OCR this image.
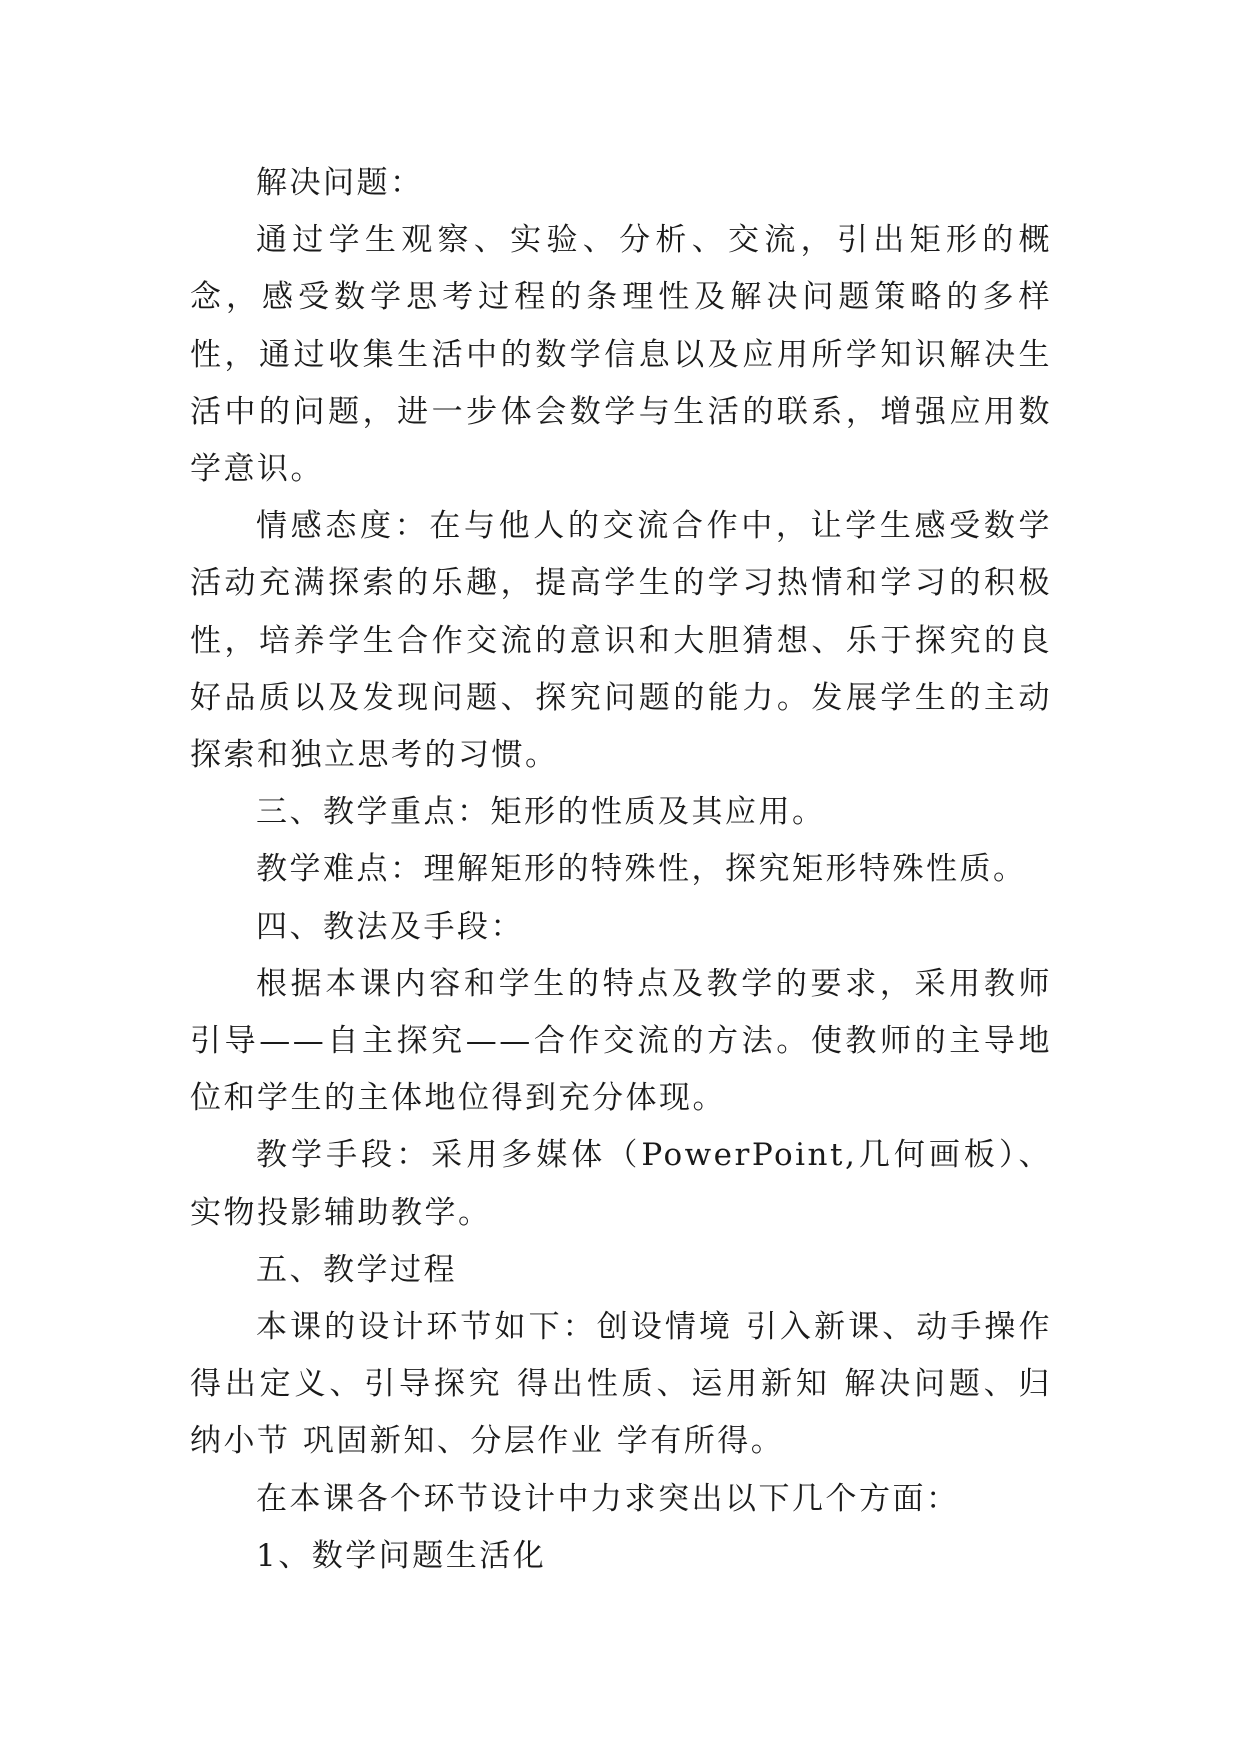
解决问题：

通过学生观察、实验、分析、交流，引出矩形的概念，感受数学思考过程的条理性及解决问题策略的多样性，通过收集生活中的数学信息以及应用所学知识解决生活中的问题，进一步体会数学与生活的联系，增强应用数学意识。

情感态度：在与他人的交流合作中，让学生感受数学活动充满探索的乐趣，提高学生的学习热情和学习的积极性，培养学生合作交流的意识和大胆猜想、乐于探究的良好品质以及发现问题、探究问题的能力。发展学生的主动探索和独立思考的习惯。

三、教学重点：矩形的性质及其应用。

教学难点：理解矩形的特殊性，探究矩形特殊性质。

四、教法及手段：

根据本课内容和学生的特点及教学的要求，采用教师引导——自主探究——合作交流的方法。使教师的主导地位和学生的主体地位得到充分体现。

教学手段：采用多媒体（PowerPoint,几何画板）、实物投影辅助教学。

五、教学过程

本课的设计环节如下：创设情境 引入新课、动手操作 得出定义、引导探究 得出性质、运用新知 解决问题、归纳小节 巩固新知、分层作业 学有所得。

在本课各个环节设计中力求突出以下几个方面：

1、数学问题生活化
